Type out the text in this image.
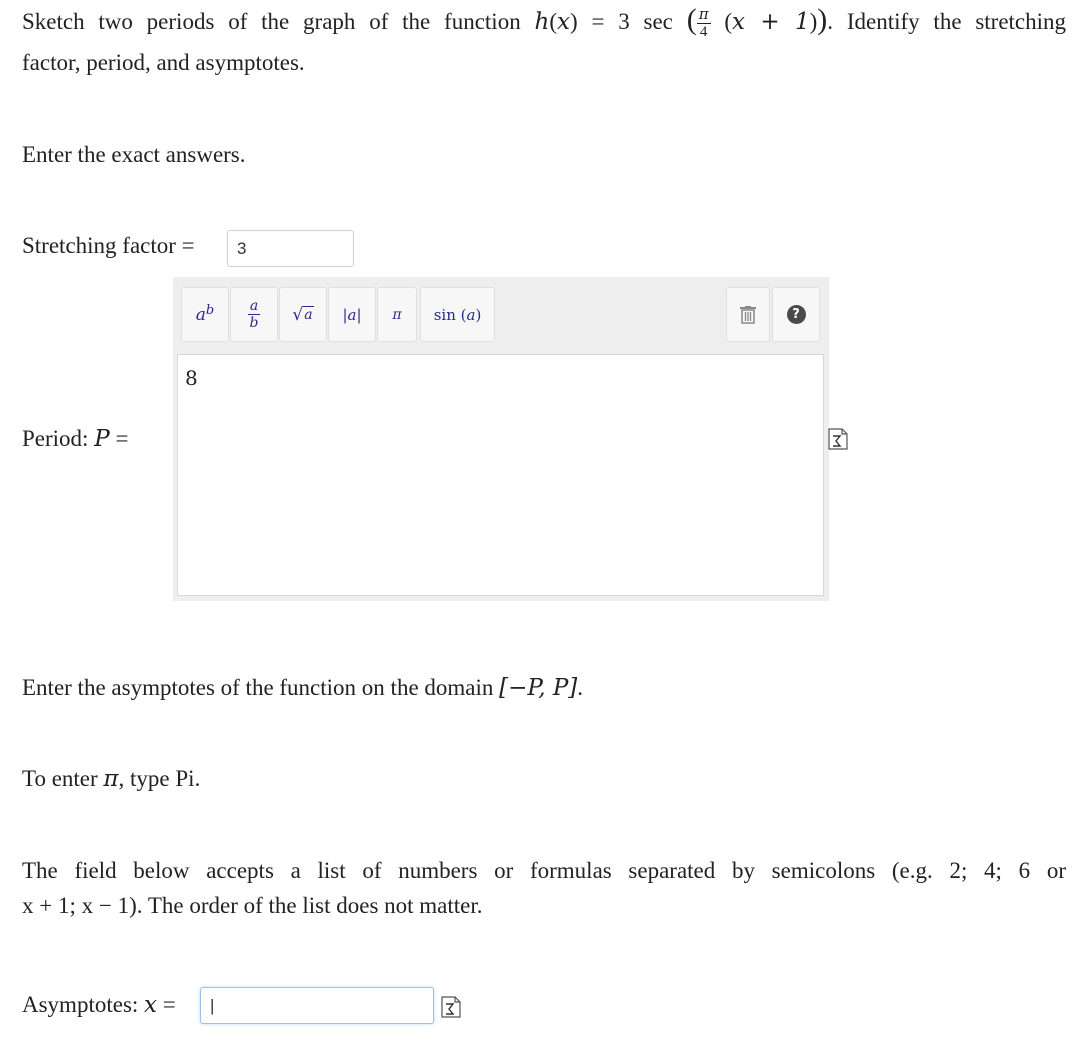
Sketch two periods of the graph of the function h(x) = 3 sec ( $\frac{\pi}{4} (x + 1)$). Identify the stretching
factor, period, and asymptotes.
Enter the exact answers.
Stretching factor =	3
Period: P =
$a^b \frac{a}{b}$ √ a | a | π sin ( a )	?
8
Enter the asymptotes of the function on the domain [−P, P].
To enter π, type Pi.
The field below accepts a list of numbers or formulas separated by semicolons (e.g. 2; 4; 6 or
x + 1; x − 1). The order of the list does not matter.
Asymptotes: x =	|
